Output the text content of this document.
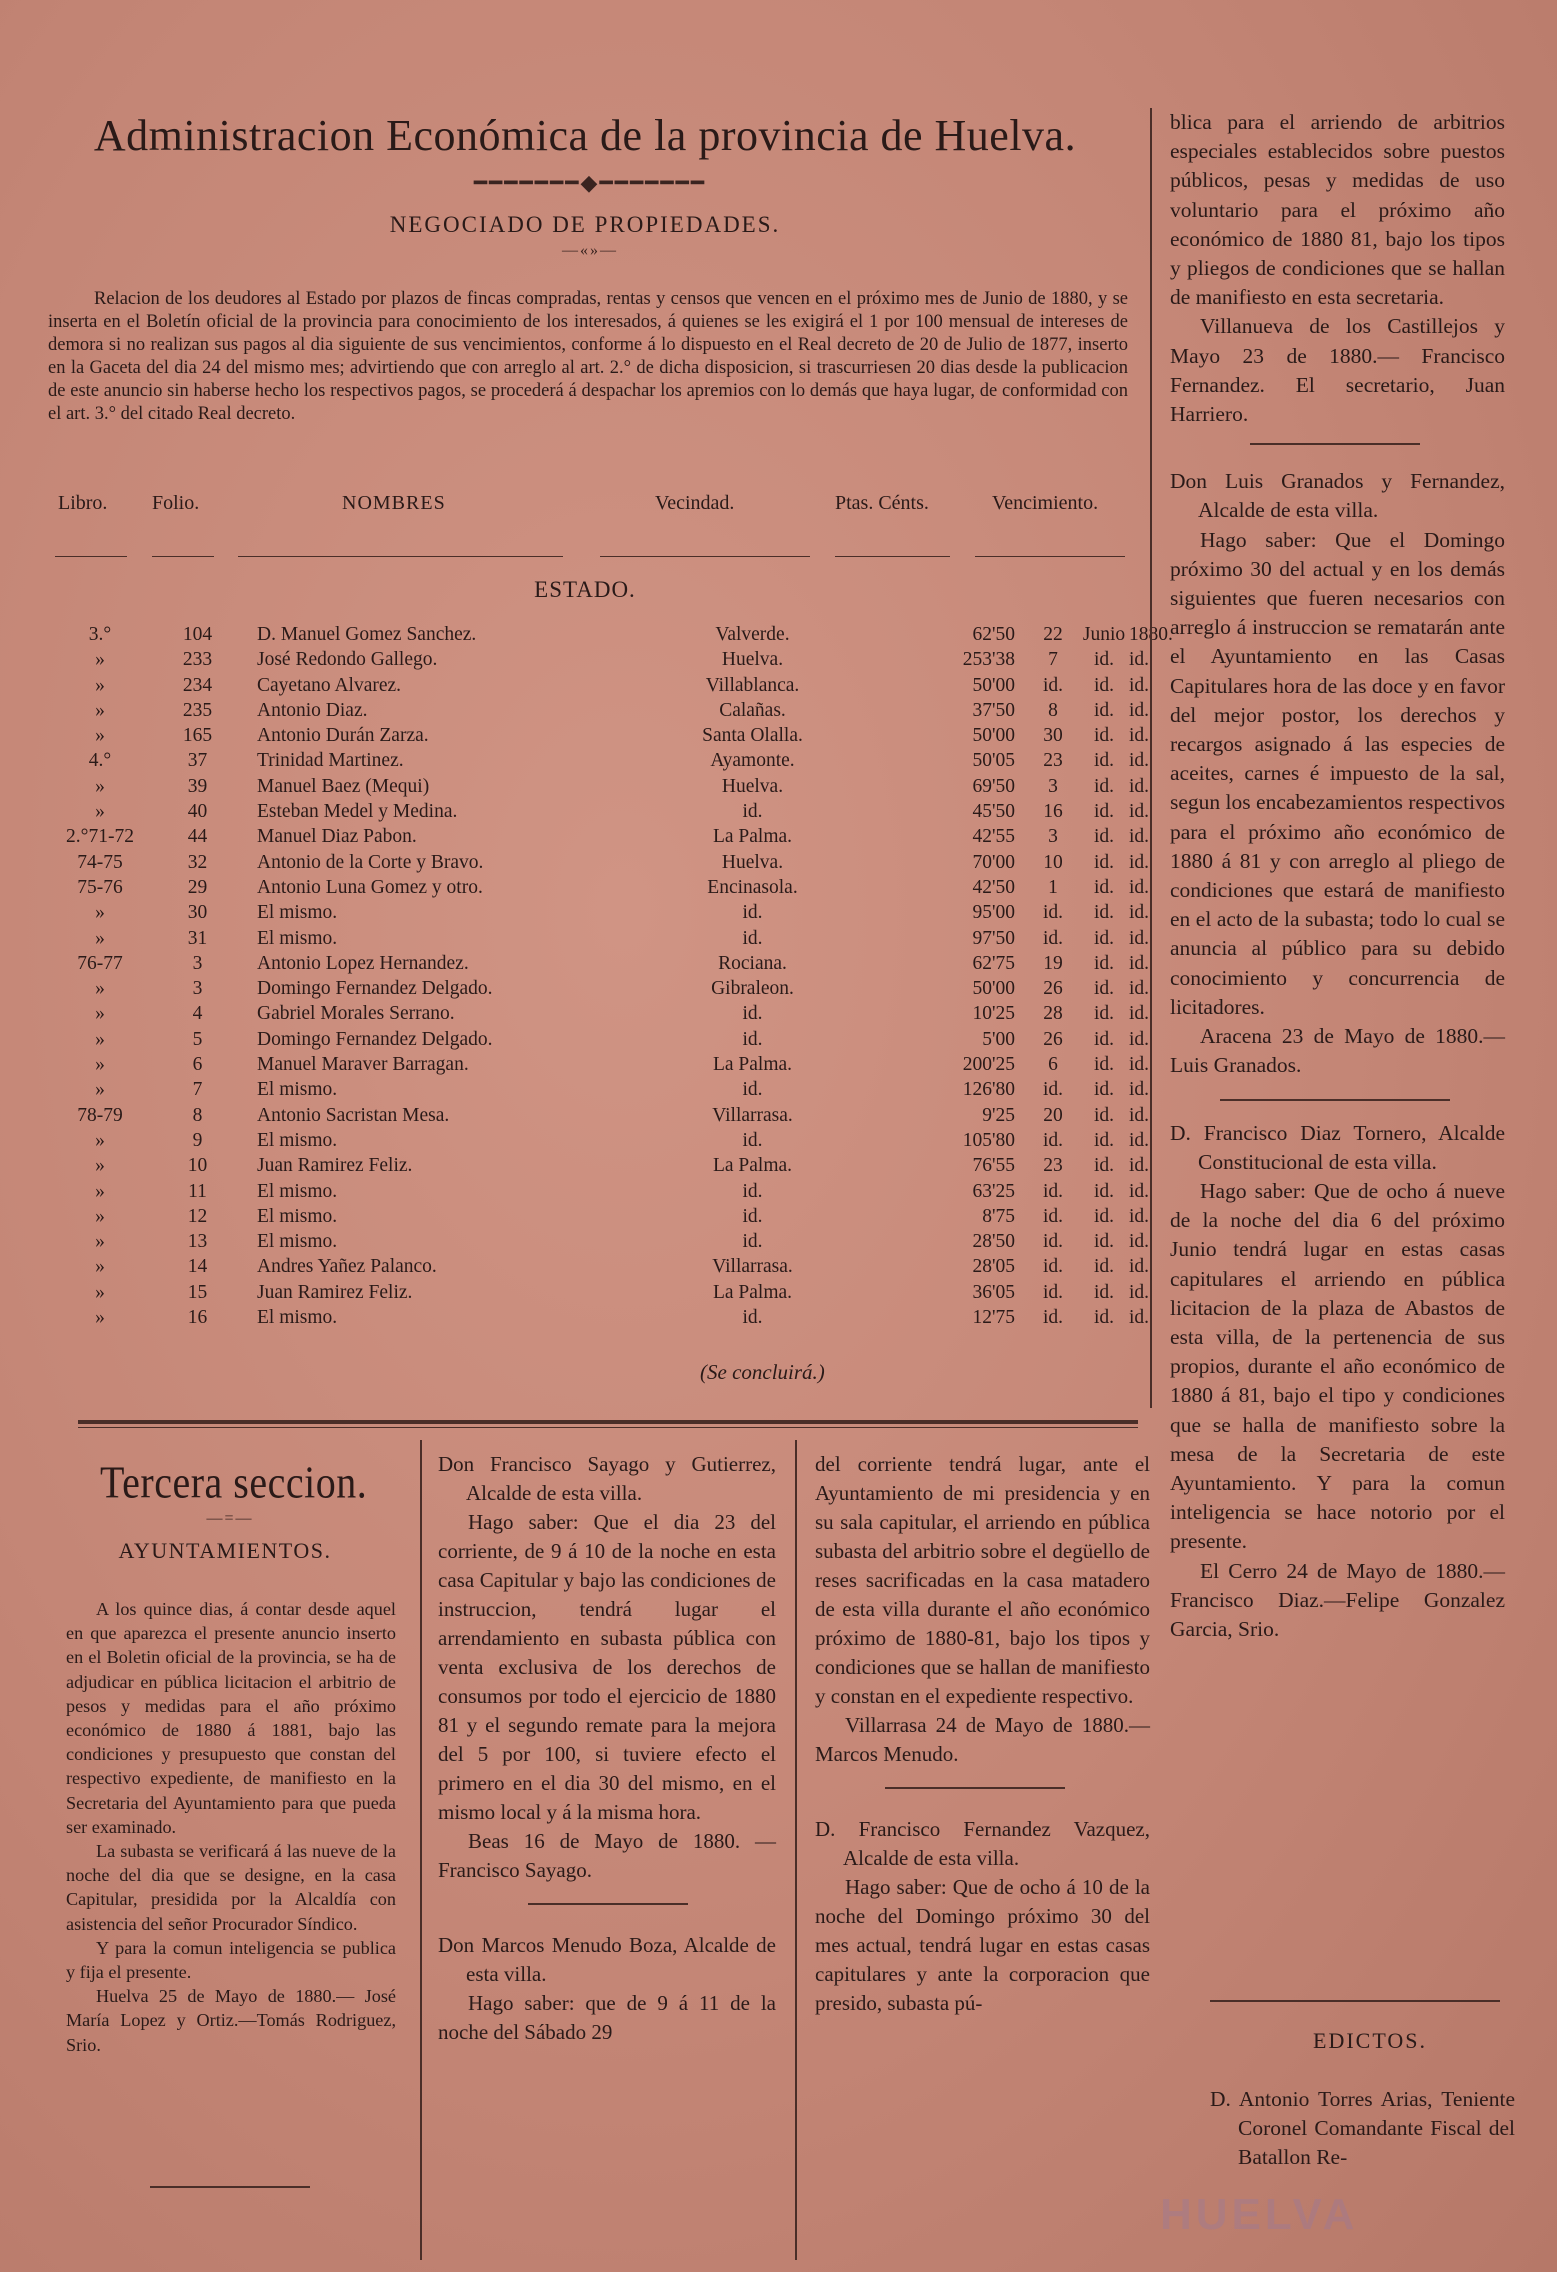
Administracion Económica de la provincia de Huelva.
━━━━━━━◆━━━━━━━
NEGOCIADO DE PROPIEDADES.
—«»—
Relacion de los deudores al Estado por plazos de fincas compradas, rentas y censos que vencen en el próximo mes de Junio de 1880, y se inserta en el Boletín oficial de la provincia para conocimiento de los interesados, á quienes se les exigirá el 1 por 100 mensual de intereses de demora si no realizan sus pagos al dia siguiente de sus vencimientos, conforme á lo dispuesto en el Real decreto de 20 de Julio de 1877, inserto en la Gaceta del dia 24 del mismo mes; advirtiendo que con arreglo al art. 2.° de dicha disposicion, si trascurriesen 20 dias desde la publicacion de este anuncio sin haberse hecho los respectivos pagos, se procederá á despachar los apremios con lo demás que haya lugar, de conformidad con el art. 3.° del citado Real decreto.
Libro. Folio.	NOMBRES	Vecindad.	Ptas. Cénts.	Vencimiento.
ESTADO.
3.°	104	D. Manuel Gomez Sanchez.	Valverde.	62'50	22	Junio	1880.
»	233	José Redondo Gallego.	Huelva.	253'38	7	id.	id.
»	234	Cayetano Alvarez.	Villablanca.	50'00	id.	id.	id.
»	235	Antonio Diaz.	Calañas.	37'50	8	id.	id.
»	165	Antonio Durán Zarza.	Santa Olalla.	50'00	30	id.	id.
4.°	37	Trinidad Martinez.	Ayamonte.	50'05	23	id.	id.
»	39	Manuel Baez (Mequi)	Huelva.	69'50	3	id.	id.
»	40	Esteban Medel y Medina.	id.	45'50	16	id.	id.
2.°71-72	44	Manuel Diaz Pabon.	La Palma.	42'55	3	id.	id.
74-75	32	Antonio de la Corte y Bravo.	Huelva.	70'00	10	id.	id.
75-76	29	Antonio Luna Gomez y otro.	Encinasola.	42'50	1	id.	id.
»	30	El mismo.	id.	95'00	id.	id.	id.
»	31	El mismo.	id.	97'50	id.	id.	id.
76-77	3	Antonio Lopez Hernandez.	Rociana.	62'75	19	id.	id.
»	3	Domingo Fernandez Delgado.	Gibraleon.	50'00	26	id.	id.
»	4	Gabriel Morales Serrano.	id.	10'25	28	id.	id.
»	5	Domingo Fernandez Delgado.	id.	5'00	26	id.	id.
»	6	Manuel Maraver Barragan.	La Palma.	200'25	6	id.	id.
»	7	El mismo.	id.	126'80	id.	id.	id.
78-79	8	Antonio Sacristan Mesa.	Villarrasa.	9'25	20	id.	id.
»	9	El mismo.	id.	105'80	id.	id.	id.
»	10	Juan Ramirez Feliz.	La Palma.	76'55	23	id.	id.
»	11	El mismo.	id.	63'25	id.	id.	id.
»	12	El mismo.	id.	8'75	id.	id.	id.
»	13	El mismo.	id.	28'50	id.	id.	id.
»	14	Andres Yañez Palanco.	Villarrasa.	28'05	id.	id.	id.
»	15	Juan Ramirez Feliz.	La Palma.	36'05	id.	id.	id.
»	16	El mismo.	id.	12'75	id.	id.	id.
(Se concluirá.)

blica para el arriendo de arbitrios especiales establecidos sobre puestos públicos, pesas y medidas de uso voluntario para el próximo año económico de 1880 81, bajo los tipos y pliegos de condiciones que se hallan de manifiesto en esta secretaria.

Villanueva de los Castillejos y Mayo 23 de 1880.— Francisco Fernandez. El secretario, Juan Harriero.

Don Luis Granados y Fernandez, Alcalde de esta villa.

Hago saber: Que el Domingo próximo 30 del actual y en los demás siguientes que fueren necesarios con arreglo á instruccion se rematarán ante el Ayuntamiento en las Casas Capitulares hora de las doce y en favor del mejor postor, los derechos y recargos asignado á las especies de aceites, carnes é impuesto de la sal, segun los encabezamientos respectivos para el próximo año económico de 1880 á 81 y con arreglo al pliego de condiciones que estará de manifiesto en el acto de la subasta; todo lo cual se anuncia al público para su debido conocimiento y concurrencia de licitadores.

Aracena 23 de Mayo de 1880.—Luis Granados.

D. Francisco Diaz Tornero, Alcalde Constitucional de esta villa.

Hago saber: Que de ocho á nueve de la noche del dia 6 del próximo Junio tendrá lugar en estas casas capitulares el arriendo en pública licitacion de la plaza de Abastos de esta villa, de la pertenencia de sus propios, durante el año económico de 1880 á 81, bajo el tipo y condiciones que se halla de manifiesto sobre la mesa de la Secretaria de este Ayuntamiento. Y para la comun inteligencia se hace notorio por el presente.

El Cerro 24 de Mayo de 1880.—Francisco Diaz.—Felipe Gonzalez Garcia, Srio.

EDICTOS.

D. Antonio Torres Arias, Teniente Coronel Comandante Fiscal del Batallon Re-

Tercera seccion.
—=—
AYUNTAMIENTOS.

A los quince dias, á contar desde aquel en que aparezca el presente anuncio inserto en el Boletin oficial de la provincia, se ha de adjudicar en pública licitacion el arbitrio de pesos y medidas para el año próximo económico de 1880 á 1881, bajo las condiciones y presupuesto que constan del respectivo expediente, de manifiesto en la Secretaria del Ayuntamiento para que pueda ser examinado.

La subasta se verificará á las nueve de la noche del dia que se designe, en la casa Capitular, presidida por la Alcaldía con asistencia del señor Procurador Síndico.

Y para la comun inteligencia se publica y fija el presente.

Huelva 25 de Mayo de 1880.— José María Lopez y Ortiz.—Tomás Rodriguez, Srio.

Don Francisco Sayago y Gutierrez, Alcalde de esta villa.

Hago saber: Que el dia 23 del corriente, de 9 á 10 de la noche en esta casa Capitular y bajo las condiciones de instruccion, tendrá lugar el arrendamiento en subasta pública con venta exclusiva de los derechos de consumos por todo el ejercicio de 1880 81 y el segundo remate para la mejora del 5 por 100, si tuviere efecto el primero en el dia 30 del mismo, en el mismo local y á la misma hora.

Beas 16 de Mayo de 1880. —Francisco Sayago.

Don Marcos Menudo Boza, Alcalde de esta villa.

Hago saber: que de 9 á 11 de la noche del Sábado 29

del corriente tendrá lugar, ante el Ayuntamiento de mi presidencia y en su sala capitular, el arriendo en pública subasta del arbitrio sobre el degüello de reses sacrificadas en la casa matadero de esta villa durante el año económico próximo de 1880-81, bajo los tipos y condiciones que se hallan de manifiesto y constan en el expediente respectivo.

Villarrasa 24 de Mayo de 1880.— Marcos Menudo.

D. Francisco Fernandez Vazquez, Alcalde de esta villa.

Hago saber: Que de ocho á 10 de la noche del Domingo próximo 30 del mes actual, tendrá lugar en estas casas capitulares y ante la corporacion que presido, subasta pú-

HUELVA
